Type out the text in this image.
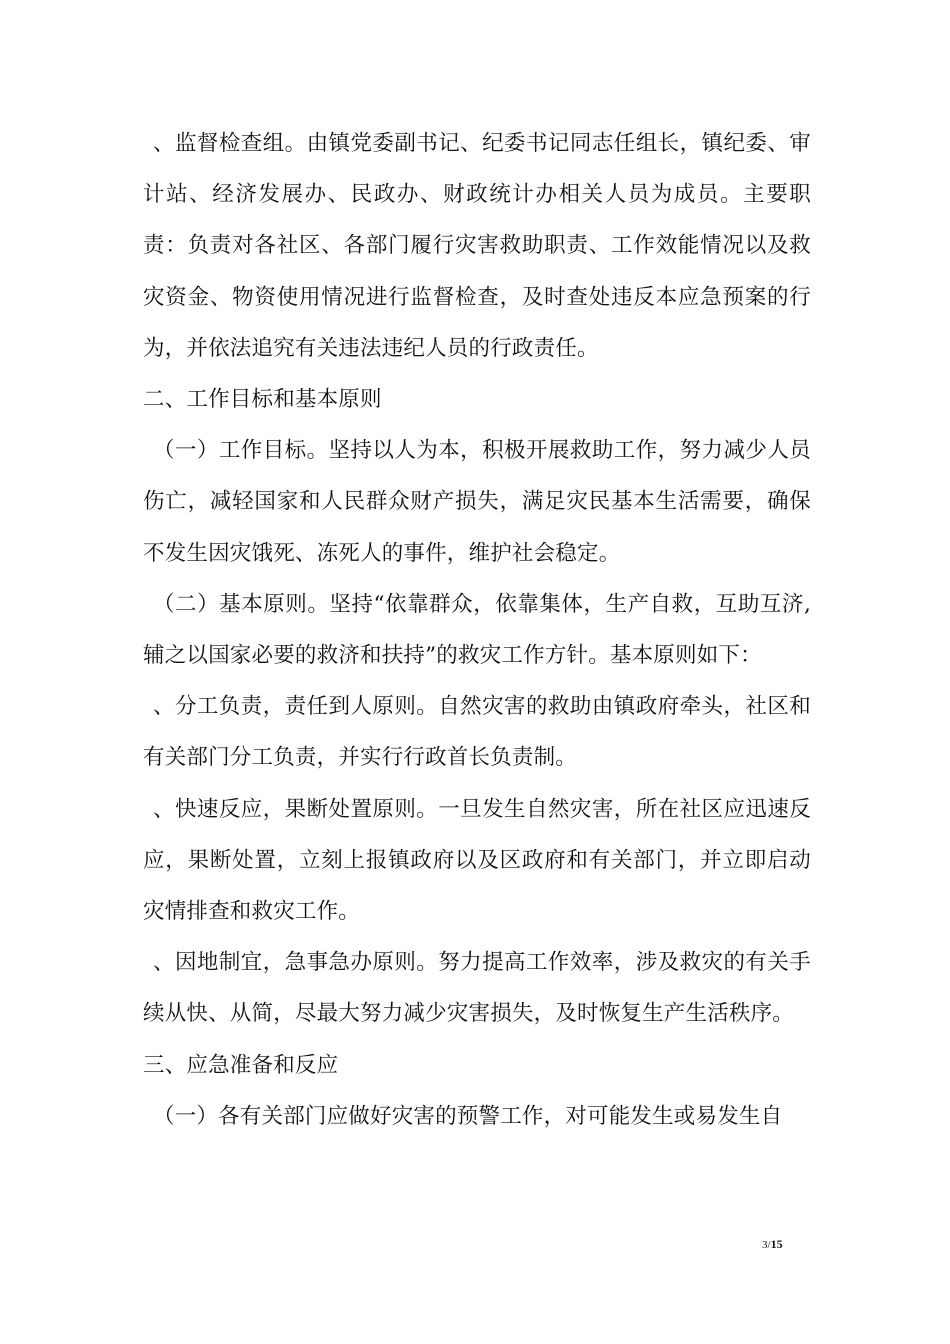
、监督检查组。由镇党委副书记、纪委书记同志任组长，镇纪委、审计站、经济发展办、民政办、财政统计办相关人员为成员。主要职责：负责对各社区、各部门履行灾害救助职责、工作效能情况以及救灾资金、物资使用情况进行监督检查，及时查处违反本应急预案的行为，并依法追究有关违法违纪人员的行政责任。

二、工作目标和基本原则

（一）工作目标。坚持以人为本，积极开展救助工作，努力减少人员伤亡，减轻国家和人民群众财产损失，满足灾民基本生活需要，确保不发生因灾饿死、冻死人的事件，维护社会稳定。

（二）基本原则。坚持“依靠群众，依靠集体，生产自救，互助互济,辅之以国家必要的救济和扶持”的救灾工作方针。基本原则如下：

、分工负责，责任到人原则。自然灾害的救助由镇政府牵头，社区和有关部门分工负责，并实行行政首长负责制。

、快速反应，果断处置原则。一旦发生自然灾害，所在社区应迅速反应，果断处置，立刻上报镇政府以及区政府和有关部门，并立即启动灾情排查和救灾工作。

、因地制宜，急事急办原则。努力提高工作效率，涉及救灾的有关手续从快、从简，尽最大努力减少灾害损失，及时恢复生产生活秩序。

三、应急准备和反应

（一）各有关部门应做好灾害的预警工作，对可能发生或易发生自

3/15
